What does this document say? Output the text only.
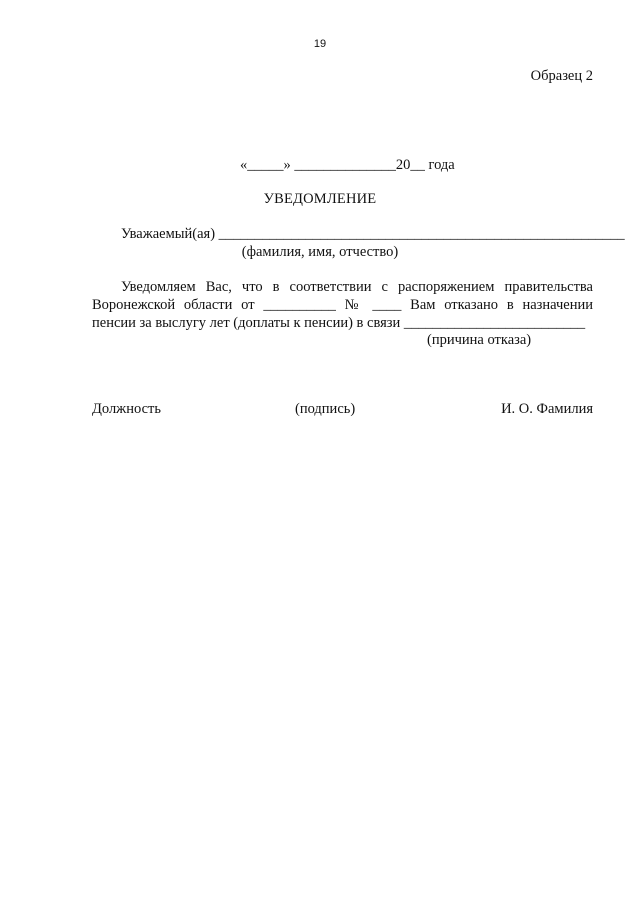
19
Образец 2
«_____» ______________20__ года
УВЕДОМЛЕНИЕ
Уважаемый(ая) ________________________________________________________
(фамилия, имя, отчество)
Уведомляем Вас, что в соответствии с распоряжением правительства
Воронежской области от __________ № ____ Вам отказано в назначении
пенсии за выслугу лет (доплаты к пенсии) в связи _________________________
(причина отказа)
Должность	(подпись)	И. О. Фамилия
